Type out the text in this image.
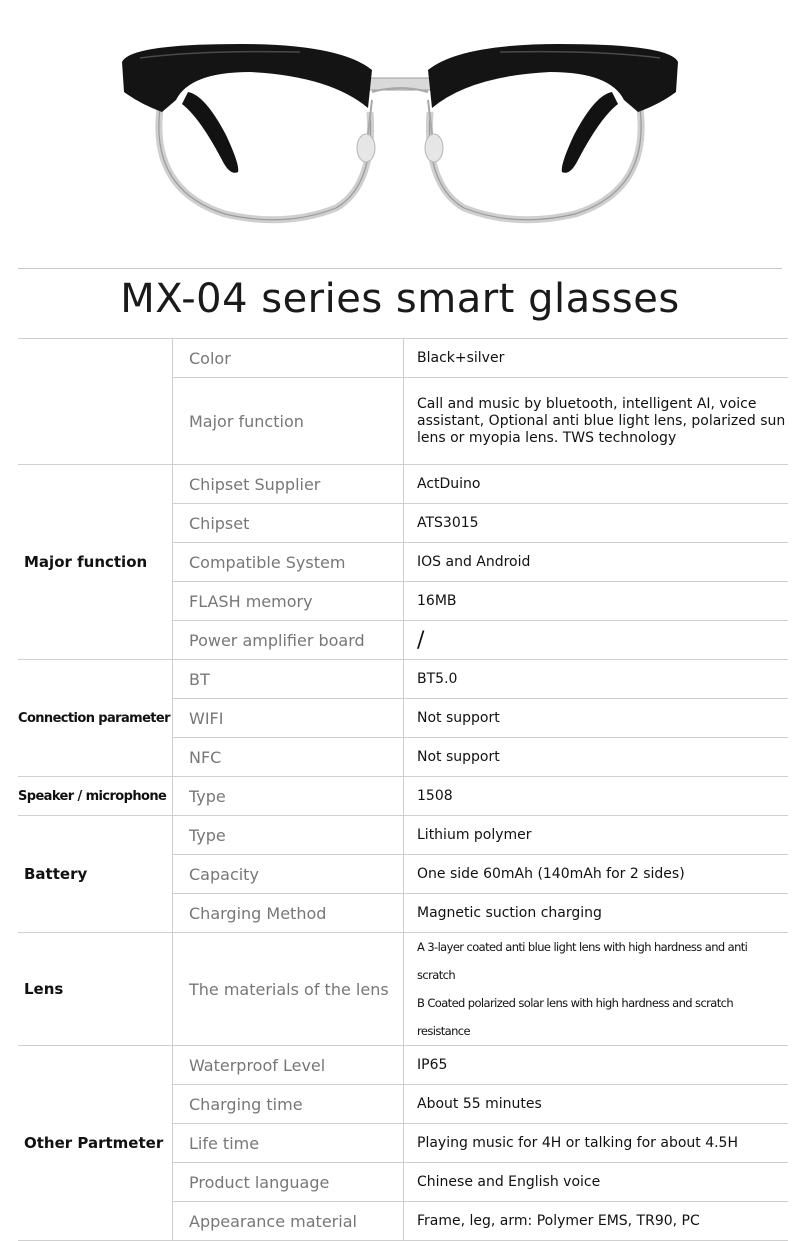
MX-04 series smart glasses
	Color	Black+silver
	Major function	Call and music by bluetooth, intelligent AI, voice assistant, Optional anti blue light lens, polarized sun lens or myopia lens. TWS technology
Major function	Chipset Supplier	ActDuino
	Chipset	ATS3015
	Compatible System	IOS and Android
	FLASH memory	16MB
	Power amplifier board	/
Connection parameter	BT	BT5.0
	WIFI	Not support
	NFC	Not support
Speaker / microphone	Type	1508
Battery	Type	Lithium polymer
	Capacity	One side 60mAh (140mAh for 2 sides)
	Charging Method	Magnetic suction charging
Lens	The materials of the lens	A 3-layer coated anti blue light lens with high hardness and anti scratch
B Coated polarized solar lens with high hardness and scratch resistance

Other Partmeter	Waterproof Level	IP65
	Charging time	About 55 minutes
	Life time	Playing music for 4H or talking for about 4.5H
	Product language	Chinese and English voice
	Appearance material	Frame, leg, arm: Polymer EMS, TR90, PC
